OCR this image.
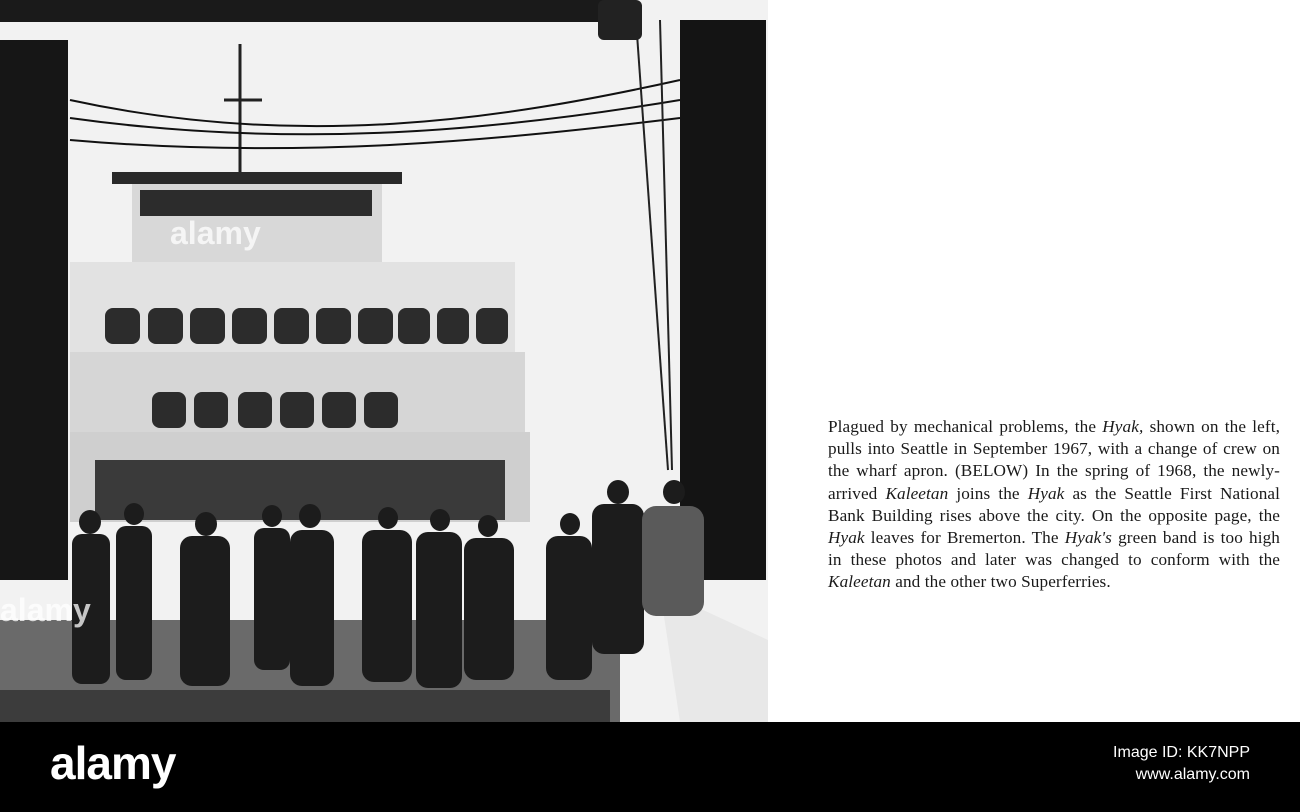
alamy
alamy
Plagued by mechanical problems, the Hyak, shown on the left, pulls into Seattle in September 1967, with a change of crew on the wharf apron. (BELOW) In the spring of 1968, the newly-arrived Kaleetan joins the Hyak as the Seattle First National Bank Building rises above the city. On the opposite page, the Hyak leaves for Bremerton. The Hyak's green band is too high in these photos and later was changed to conform with the Kaleetan and the other two Superferries.
alamy	Image ID: KK7NPP
www.alamy.com
